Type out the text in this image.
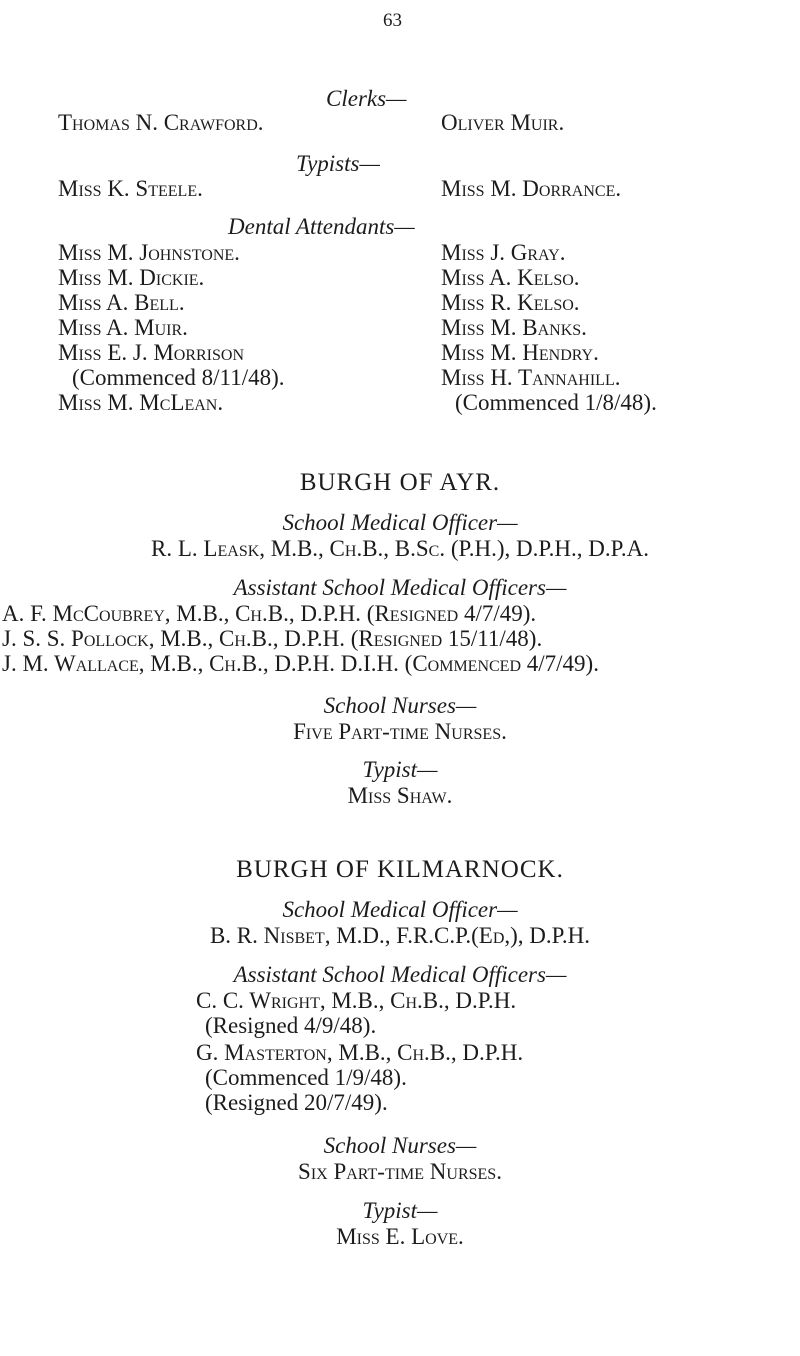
63
Clerks—
Thomas N. Crawford.	Oliver Muir.
Typists—
Miss K. Steele.	Miss M. Dorrance.
Dental Attendants—
Miss M. Johnstone.
Miss M. Dickie.
Miss A. Bell.
Miss A. Muir.
Miss E. J. Morrison
(Commenced 8/11/48).
Miss M. McLean.
Miss J. Gray.
Miss A. Kelso.
Miss R. Kelso.
Miss M. Banks.
Miss M. Hendry.
Miss H. Tannahill.
(Commenced 1/8/48).
BURGH OF AYR.
School Medical Officer—
R. L. Leask, M.B., Ch.B., B.Sc. (P.H.), D.P.H., D.P.A.
Assistant School Medical Officers—
A. F. McCoubrey, M.B., Ch.B., D.P.H. (Resigned 4/7/49).
J. S. S. Pollock, M.B., Ch.B., D.P.H. (Resigned 15/11/48).
J. M. Wallace, M.B., Ch.B., D.P.H. D.I.H. (Commenced 4/7/49).
School Nurses—
Five Part-time Nurses.
Typist—
Miss Shaw.
BURGH OF KILMARNOCK.
School Medical Officer—
B. R. Nisbet, M.D., F.R.C.P.(Ed,), D.P.H.
Assistant School Medical Officers—
C. C. Wright, M.B., Ch.B., D.P.H.
(Resigned 4/9/48).
G. Masterton, M.B., Ch.B., D.P.H.
(Commenced 1/9/48).
(Resigned 20/7/49).
School Nurses—
Six Part-time Nurses.
Typist—
Miss E. Love.
